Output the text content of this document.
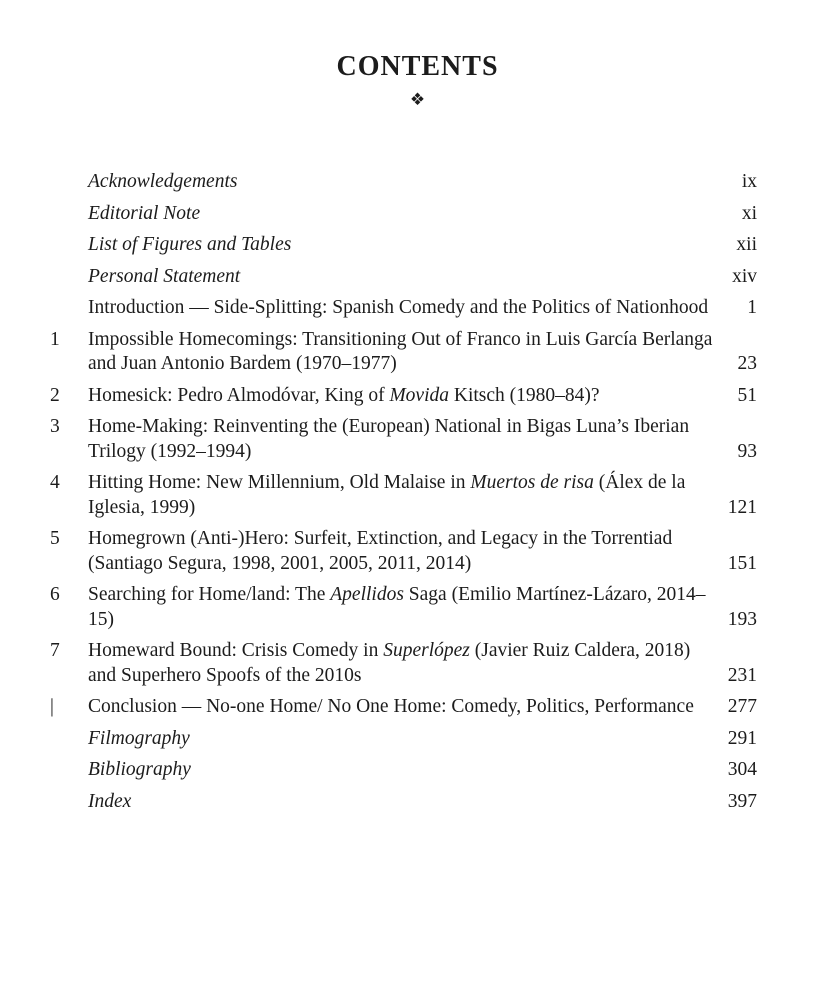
CONTENTS
❖
Acknowledgements	ix
Editorial Note	xi
List of Figures and Tables	xii
Personal Statement	xiv
Introduction — Side-Splitting: Spanish Comedy and the Politics of Nationhood 1
1	Impossible Homecomings: Transitioning Out of Franco in Luis García Berlanga and Juan Antonio Bardem (1970–1977)	23
2	Homesick: Pedro Almodóvar, King of Movida Kitsch (1980–84)?	51
3	Home-Making: Reinventing the (European) National in Bigas Luna’s Iberian Trilogy (1992–1994)	93
4	Hitting Home: New Millennium, Old Malaise in Muertos de risa (Álex de la Iglesia, 1999)	121
5	Homegrown (Anti-)Hero: Surfeit, Extinction, and Legacy in the Torrentiad (Santiago Segura, 1998, 2001, 2005, 2011, 2014)	151
6	Searching for Home/land: The Apellidos Saga (Emilio Martínez-Lázaro, 2014–15)	193
7	Homeward Bound: Crisis Comedy in Superlópez (Javier Ruiz Caldera, 2018) and Superhero Spoofs of the 2010s	231
|	Conclusion — No-one Home/ No One Home: Comedy, Politics, Performance	277
Filmography	291
Bibliography	304
Index	397
